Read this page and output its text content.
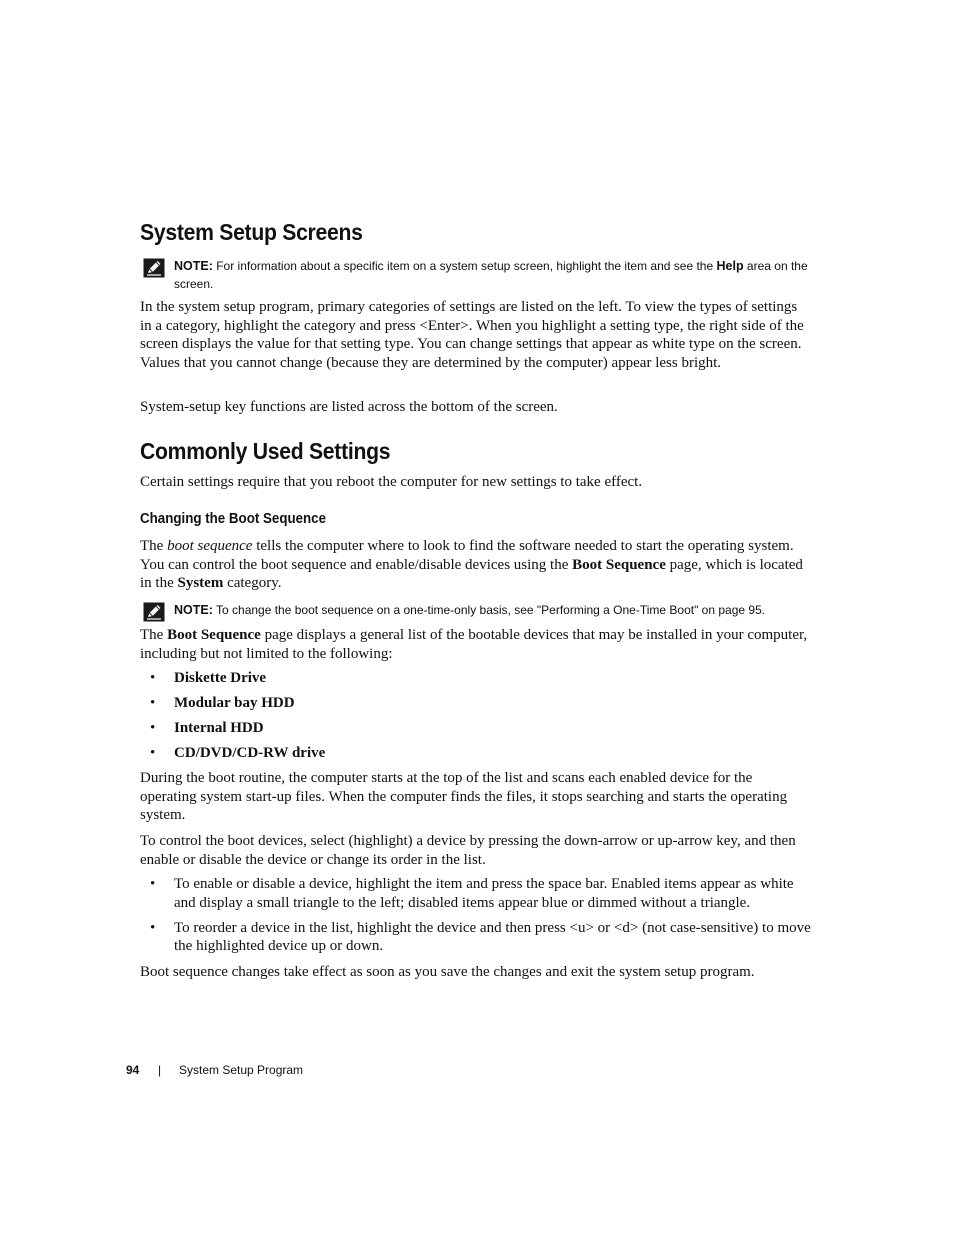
System Setup Screens
NOTE: For information about a specific item on a system setup screen, highlight the item and see the Help area on the screen.

In the system setup program, primary categories of settings are listed on the left. To view the types of settings in a category, highlight the category and press <Enter>. When you highlight a setting type, the right side of the screen displays the value for that setting type. You can change settings that appear as white type on the screen. Values that you cannot change (because they are determined by the computer) appear less bright.

System-setup key functions are listed across the bottom of the screen.

Commonly Used Settings

Certain settings require that you reboot the computer for new settings to take effect.

Changing the Boot Sequence

The boot sequence tells the computer where to look to find the software needed to start the operating system. You can control the boot sequence and enable/disable devices using the Boot Sequence page, which is located in the System category.

NOTE: To change the boot sequence on a one-time-only basis, see "Performing a One-Time Boot" on page 95.

The Boot Sequence page displays a general list of the bootable devices that may be installed in your computer, including but not limited to the following:

• Diskette Drive
• Modular bay HDD
• Internal HDD
• CD/DVD/CD-RW drive

During the boot routine, the computer starts at the top of the list and scans each enabled device for the operating system start-up files. When the computer finds the files, it stops searching and starts the operating system.

To control the boot devices, select (highlight) a device by pressing the down-arrow or up-arrow key, and then enable or disable the device or change its order in the list.

• To enable or disable a device, highlight the item and press the space bar. Enabled items appear as white and display a small triangle to the left; disabled items appear blue or dimmed without a triangle.
• To reorder a device in the list, highlight the device and then press <u> or <d> (not case-sensitive) to move the highlighted device up or down.

Boot sequence changes take effect as soon as you save the changes and exit the system setup program.

94 | System Setup Program
